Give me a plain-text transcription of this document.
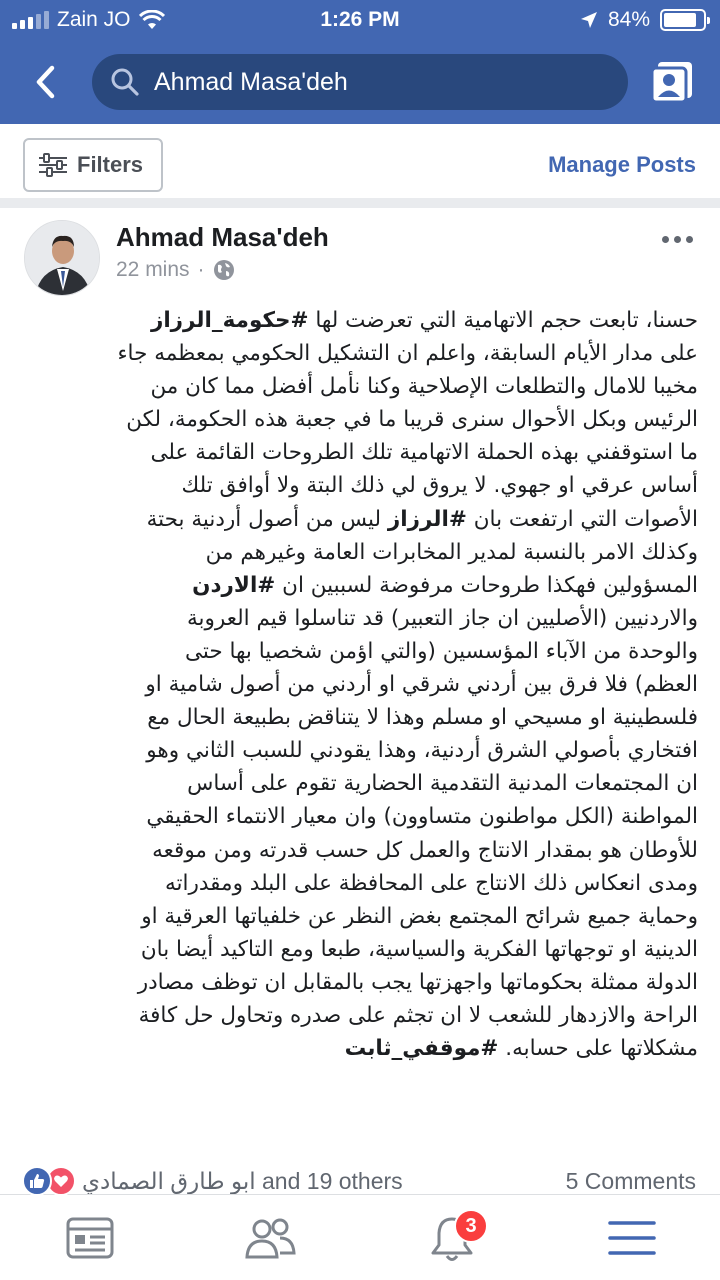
Zain JO	1:26 PM	84%
Ahmad Masa'deh
Filters	Manage Posts
Ahmad Masa'deh
22 mins ·

حسنا، تابعت حجم الاتهامية التي تعرضت لها #حكومة_الرزاز

على مدار الأيام السابقة، واعلم ان التشكيل الحكومي بمعظمه جاء

مخيبا للامال والتطلعات الإصلاحية وكنا نأمل أفضل مما كان من

الرئيس وبكل الأحوال سنرى قريبا ما في جعبة هذه الحكومة، لكن

ما استوقفني بهذه الحملة الاتهامية تلك الطروحات القائمة على

أساس عرقي او جهوي. لا يروق لي ذلك البتة ولا أوافق تلك

الأصوات التي ارتفعت بان #الرزاز ليس من أصول أردنية بحتة

وكذلك الامر بالنسبة لمدير المخابرات العامة وغيرهم من

المسؤولين فهكذا طروحات مرفوضة لسببين ان #الاردن

والاردنيين (الأصليين ان جاز التعبير) قد تناسلوا قيم العروبة

والوحدة من الآباء المؤسسين (والتي اؤمن شخصيا بها حتى

العظم) فلا فرق بين أردني شرقي او أردني من أصول شامية او

فلسطينية او مسيحي او مسلم وهذا لا يتناقض بطبيعة الحال مع

افتخاري بأصولي الشرق أردنية، وهذا يقودني للسبب الثاني وهو

ان المجتمعات المدنية التقدمية الحضارية تقوم على أساس

المواطنة (الكل مواطنون متساوون) وان معيار الانتماء الحقيقي

للأوطان هو بمقدار الانتاج والعمل كل حسب قدرته ومن موقعه

ومدى انعكاس ذلك الانتاج على المحافظة على البلد ومقدراته

وحماية جميع شرائح المجتمع بغض النظر عن خلفياتها العرقية او

الدينية او توجهاتها الفكرية والسياسية، طبعا ومع التاكيد أيضا بان

الدولة ممثلة بحكوماتها واجهزتها يجب بالمقابل ان توظف مصادر

الراحة والازدهار للشعب لا ان تجثم على صدره وتحاول حل كافة

مشكلاتها على حسابه. #موقفي_ثابت

ابو طارق الصمادي and 19 others	5 Comments
3
